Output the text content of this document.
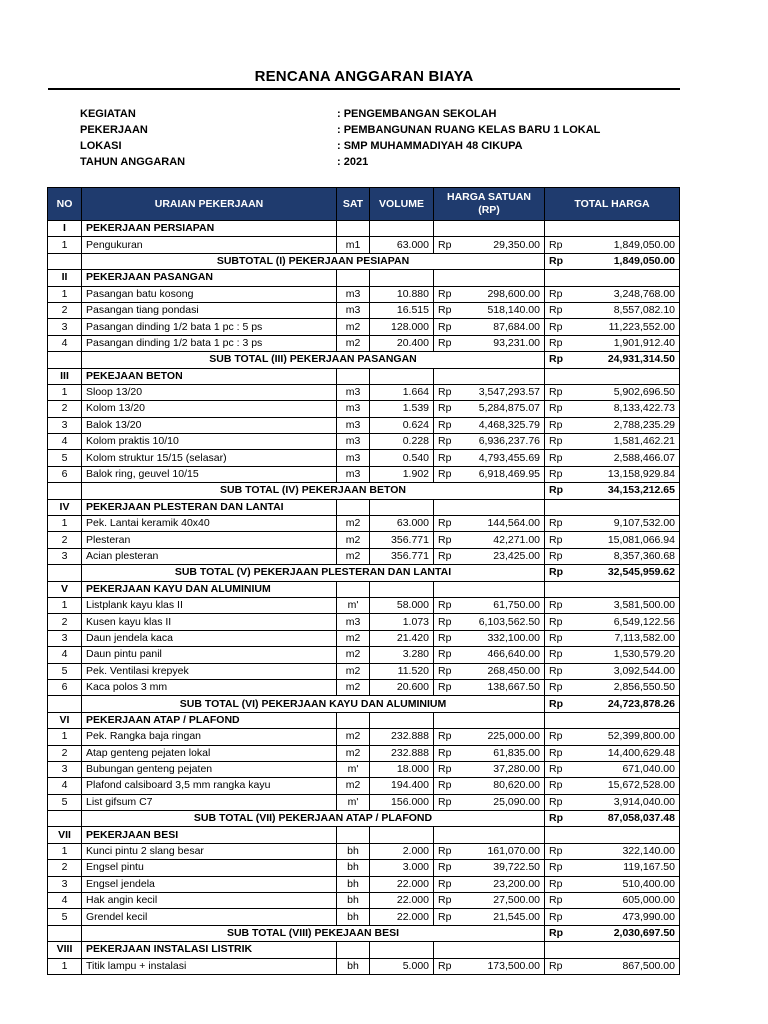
RENCANA ANGGARAN BIAYA
KEGIATAN	: PENGEMBANGAN SEKOLAH
PEKERJAAN	: PEMBANGUNAN RUANG KELAS BARU 1 LOKAL
LOKASI	: SMP MUHAMMADIYAH 48 CIKUPA
TAHUN ANGGARAN	: 2021
NO	URAIAN PEKERJAAN	SAT	VOLUME	HARGA SATUAN (RP)		TOTAL HARGA	
I	PEKERJAAN PERSIAPAN						
1	Pengukuran	m1	63.000	Rp	29,350.00	Rp	1,849,050.00
	SUBTOTAL (I) PEKERJAAN PESIAPAN					Rp	1,849,050.00
II	PEKERJAAN PASANGAN						
1	Pasangan batu kosong	m3	10.880	Rp	298,600.00	Rp	3,248,768.00
2	Pasangan tiang pondasi	m3	16.515	Rp	518,140.00	Rp	8,557,082.10
3	Pasangan dinding 1/2 bata 1 pc : 5 ps	m2	128.000	Rp	87,684.00	Rp	11,223,552.00
4	Pasangan dinding 1/2 bata 1 pc : 3 ps	m2	20.400	Rp	93,231.00	Rp	1,901,912.40
	SUB TOTAL (III) PEKERJAAN PASANGAN					Rp	24,931,314.50
III	PEKEJAAN BETON						
1	Sloop 13/20	m3	1.664	Rp	3,547,293.57	Rp	5,902,696.50
2	Kolom 13/20	m3	1.539	Rp	5,284,875.07	Rp	8,133,422.73
3	Balok 13/20	m3	0.624	Rp	4,468,325.79	Rp	2,788,235.29
4	Kolom praktis 10/10	m3	0.228	Rp	6,936,237.76	Rp	1,581,462.21
5	Kolom struktur 15/15 (selasar)	m3	0.540	Rp	4,793,455.69	Rp	2,588,466.07
6	Balok ring, geuvel 10/15	m3	1.902	Rp	6,918,469.95	Rp	13,158,929.84
	SUB TOTAL (IV) PEKERJAAN BETON					Rp	34,153,212.65
IV	PEKERJAAN PLESTERAN DAN LANTAI						
1	Pek. Lantai keramik 40x40	m2	63.000	Rp	144,564.00	Rp	9,107,532.00
2	Plesteran	m2	356.771	Rp	42,271.00	Rp	15,081,066.94
3	Acian plesteran	m2	356.771	Rp	23,425.00	Rp	8,357,360.68
	SUB TOTAL (V) PEKERJAAN PLESTERAN DAN LANTAI					Rp	32,545,959.62
V	PEKERJAAN KAYU DAN ALUMINIUM						
1	Listplank kayu klas II	m'	58.000	Rp	61,750.00	Rp	3,581,500.00
2	Kusen kayu klas II	m3	1.073	Rp	6,103,562.50	Rp	6,549,122.56
3	Daun jendela kaca	m2	21.420	Rp	332,100.00	Rp	7,113,582.00
4	Daun pintu panil	m2	3.280	Rp	466,640.00	Rp	1,530,579.20
5	Pek. Ventilasi krepyek	m2	11.520	Rp	268,450.00	Rp	3,092,544.00
6	Kaca polos 3 mm	m2	20.600	Rp	138,667.50	Rp	2,856,550.50
	SUB TOTAL (VI) PEKERJAAN KAYU DAN ALUMINIUM					Rp	24,723,878.26
VI	PEKERJAAN ATAP / PLAFOND						
1	Pek. Rangka baja ringan	m2	232.888	Rp	225,000.00	Rp	52,399,800.00
2	Atap genteng pejaten lokal	m2	232.888	Rp	61,835.00	Rp	14,400,629.48
3	Bubungan genteng pejaten	m'	18.000	Rp	37,280.00	Rp	671,040.00
4	Plafond calsiboard 3,5 mm rangka kayu	m2	194.400	Rp	80,620.00	Rp	15,672,528.00
5	List gifsum C7	m'	156.000	Rp	25,090.00	Rp	3,914,040.00
	SUB TOTAL (VII) PEKERJAAN ATAP / PLAFOND					Rp	87,058,037.48
VII	PEKERJAAN BESI						
1	Kunci pintu 2 slang besar	bh	2.000	Rp	161,070.00	Rp	322,140.00
2	Engsel pintu	bh	3.000	Rp	39,722.50	Rp	119,167.50
3	Engsel jendela	bh	22.000	Rp	23,200.00	Rp	510,400.00
4	Hak angin kecil	bh	22.000	Rp	27,500.00	Rp	605,000.00
5	Grendel kecil	bh	22.000	Rp	21,545.00	Rp	473,990.00
	SUB TOTAL (VIII) PEKEJAAN BESI					Rp	2,030,697.50
VIII	PEKERJAAN INSTALASI LISTRIK						
1	Titik lampu + instalasi	bh	5.000	Rp	173,500.00	Rp	867,500.00
